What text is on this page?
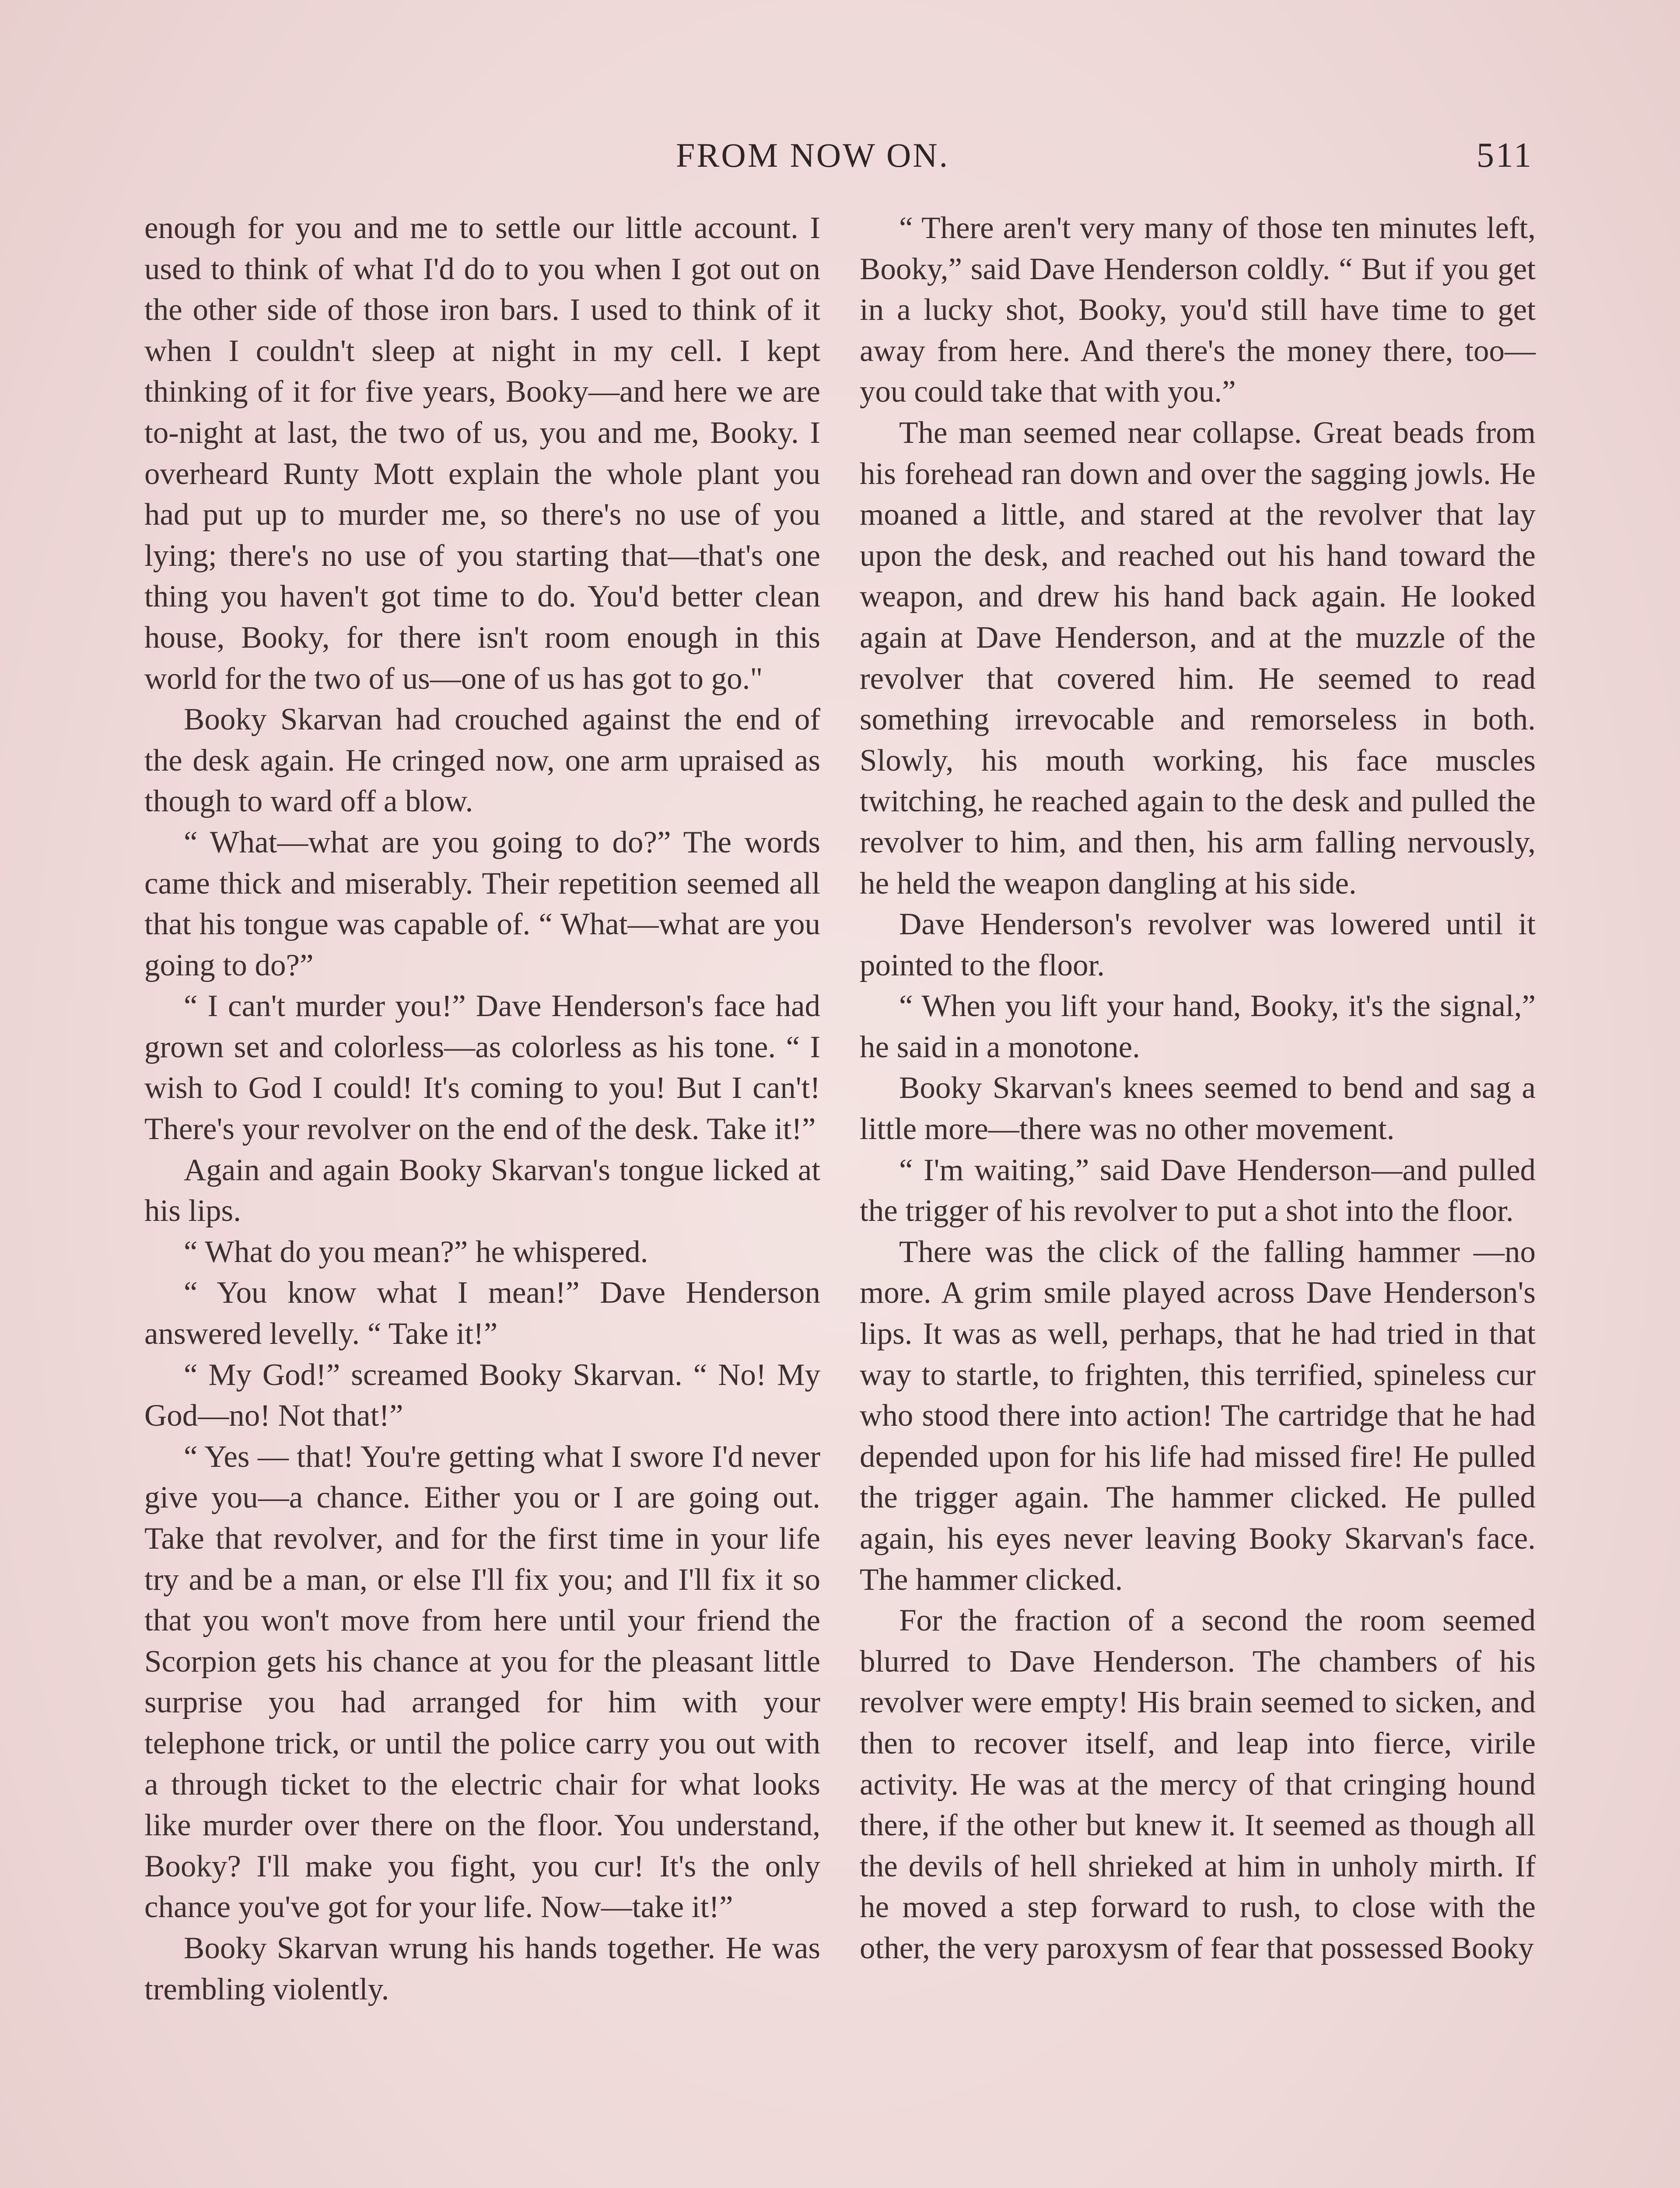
FROM NOW ON.	511

enough for you and me to settle our little account. I used to think of what I'd do to you when I got out on the other side of those iron bars. I used to think of it when I couldn't sleep at night in my cell. I kept thinking of it for five years, Booky—and here we are to-night at last, the two of us, you and me, Booky. I overheard Runty Mott explain the whole plant you had put up to murder me, so there's no use of you lying; there's no use of you starting that—that's one thing you haven't got time to do. You'd better clean house, Booky, for there isn't room enough in this world for the two of us—one of us has got to go."

Booky Skarvan had crouched against the end of the desk again. He cringed now, one arm upraised as though to ward off a blow.

“ What—what are you going to do?” The words came thick and miserably. Their repetition seemed all that his tongue was capable of. “ What—what are you going to do?”

“ I can't murder you!” Dave Henderson's face had grown set and colorless—as colorless as his tone. “ I wish to God I could! It's coming to you! But I can't! There's your revolver on the end of the desk. Take it!”

Again and again Booky Skarvan's tongue licked at his lips.

“ What do you mean?” he whispered.

“ You know what I mean!” Dave Henderson answered levelly. “ Take it!”

“ My God!” screamed Booky Skarvan. “ No! My God—no! Not that!”

“ Yes — that! You're getting what I swore I'd never give you—a chance. Either you or I are going out. Take that revolver, and for the first time in your life try and be a man, or else I'll fix you; and I'll fix it so that you won't move from here until your friend the Scorpion gets his chance at you for the pleasant little surprise you had arranged for him with your telephone trick, or until the police carry you out with a through ticket to the electric chair for what looks like murder over there on the floor. You understand, Booky? I'll make you fight, you cur! It's the only chance you've got for your life. Now—take it!”

Booky Skarvan wrung his hands together. He was trembling violently.

“ There aren't very many of those ten minutes left, Booky,” said Dave Henderson coldly. “ But if you get in a lucky shot, Booky, you'd still have time to get away from here. And there's the money there, too—you could take that with you.”

The man seemed near collapse. Great beads from his forehead ran down and over the sagging jowls. He moaned a little, and stared at the revolver that lay upon the desk, and reached out his hand toward the weapon, and drew his hand back again. He looked again at Dave Henderson, and at the muzzle of the revolver that covered him. He seemed to read something irrevocable and remorseless in both. Slowly, his mouth working, his face muscles twitching, he reached again to the desk and pulled the revolver to him, and then, his arm falling nervously, he held the weapon dangling at his side.

Dave Henderson's revolver was lowered until it pointed to the floor.

“ When you lift your hand, Booky, it's the signal,” he said in a monotone.

Booky Skarvan's knees seemed to bend and sag a little more—there was no other movement.

“ I'm waiting,” said Dave Henderson—and pulled the trigger of his revolver to put a shot into the floor.

There was the click of the falling hammer —no more. A grim smile played across Dave Henderson's lips. It was as well, perhaps, that he had tried in that way to startle, to frighten, this terrified, spineless cur who stood there into action! The cartridge that he had depended upon for his life had missed fire! He pulled the trigger again. The hammer clicked. He pulled again, his eyes never leaving Booky Skarvan's face. The hammer clicked.

For the fraction of a second the room seemed blurred to Dave Henderson. The chambers of his revolver were empty! His brain seemed to sicken, and then to recover itself, and leap into fierce, virile activity. He was at the mercy of that cringing hound there, if the other but knew it. It seemed as though all the devils of hell shrieked at him in unholy mirth. If he moved a step forward to rush, to close with the other, the very paroxysm of fear that possessed Booky
